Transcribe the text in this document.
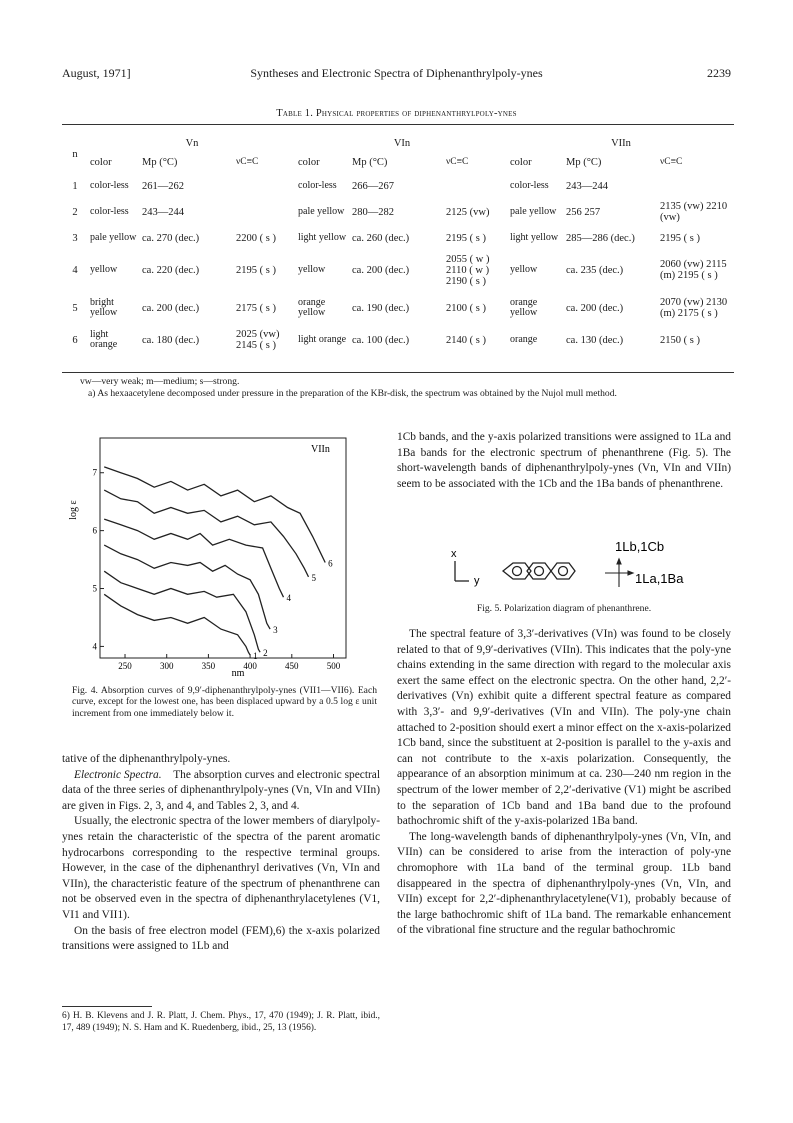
August, 1971]	Syntheses and Electronic Spectra of Diphenanthrylpoly-ynes	2239
Table 1. Physical properties of diphenanthrylpoly-ynes
n	Vn			VIn			VIIn		
	color	Mp (°C)	νC≡C	color	Mp (°C)	νC≡C	color	Mp (°C)	νC≡C
1	color-less	261—262		color-less	266—267		color-less	243—244	
2	color-less	243—244		pale yellow	280—282	2125 (vw)	pale yellow	256 257	2135 (vw) 2210 (vw)
3	pale yellow	ca. 270 (dec.)	2200 ( s )	light yellow	ca. 260 (dec.)	2195 ( s )	light yellow	285—286 (dec.)	2195 ( s )
4	yellow	ca. 220 (dec.)	2195 ( s )	yellow	ca. 200 (dec.)	2055 ( w ) 2110 ( w ) 2190 ( s )	yellow	ca. 235 (dec.)	2060 (vw) 2115 (m) 2195 ( s )
5	bright yellow	ca. 200 (dec.)	2175 ( s )	orange yellow	ca. 190 (dec.)	2100 ( s )	orange yellow	ca. 200 (dec.)	2070 (vw) 2130 (m) 2175 ( s )
6	light orange	ca. 180 (dec.)	2025 (vw) 2145 ( s )	light orange	ca. 100 (dec.)	2140 ( s )	orange	ca. 130 (dec.)	2150 ( s )
vw—very weak; m—medium; s—strong.
a) As hexaacetylene decomposed under pressure in the preparation of the KBr-disk, the spectrum was obtained by the Nujol mull method.
250	300	350	400	450	500
4
5
6
7
1 2
3
4
5
6
VIIn
log ε
nm
Fig. 4. Absorption curves of 9,9′-diphenanthrylpoly-ynes (VII1—VII6). Each curve, except for the lowest one, has been displaced upward by a 0.5 log ε unit increment from one immediately below it.
tative of the diphenanthrylpoly-ynes.
Electronic Spectra. The absorption curves and electronic spectral data of the three series of diphenanthrylpoly-ynes (Vn, VIn and VIIn) are given in Figs. 2, 3, and 4, and Tables 2, 3, and 4.
Usually, the electronic spectra of the lower members of diarylpoly-ynes retain the characteristic of the spectra of the parent aromatic hydrocarbons corresponding to the respective terminal groups. However, in the case of the diphenanthryl derivatives (Vn, VIn and VIIn), the characteristic feature of the spectrum of phenanthrene can not be observed even in the spectra of diphenanthrylacetylenes (V1, VI1 and VII1).
On the basis of free electron model (FEM),6) the x-axis polarized transitions were assigned to 1Lb and
6) H. B. Klevens and J. R. Platt, J. Chem. Phys., 17, 470 (1949); J. R. Platt, ibid., 17, 489 (1949); N. S. Ham and K. Ruedenberg, ibid., 25, 13 (1956).
1Cb bands, and the y-axis polarized transitions were assigned to 1La and 1Ba bands for the electronic spectrum of phenanthrene (Fig. 5). The short-wavelength bands of diphenanthrylpoly-ynes (Vn, VIn and VIIn) seem to be associated with the 1Cb and the 1Ba bands of phenanthrene.
x
y
1Lb,1Cb
1La,1Ba
Fig. 5. Polarization diagram of phenanthrene.
The spectral feature of 3,3′-derivatives (VIn) was found to be closely related to that of 9,9′-derivatives (VIIn). This indicates that the poly-yne chains extending in the same direction with regard to the molecular axis exert the same effect on the electronic spectra. On the other hand, 2,2′-derivatives (Vn) exhibit quite a different spectral feature as compared with 3,3′- and 9,9′-derivatives (VIn and VIIn). The poly-yne chain attached to 2-position should exert a minor effect on the x-axis-polarized 1Cb band, since the substituent at 2-position is parallel to the y-axis and can not contribute to the x-axis polarization. Consequently, the appearance of an absorption minimum at ca. 230—240 nm region in the spectrum of the lower member of 2,2′-derivative (V1) might be ascribed to the separation of 1Cb band and 1Ba band due to the profound bathochromic shift of the y-axis-polarized 1Ba band.
The long-wavelength bands of diphenanthrylpoly-ynes (Vn, VIn, and VIIn) can be considered to arise from the interaction of poly-yne chromophore with 1La band of the terminal group. 1Lb band disappeared in the spectra of diphenanthrylpoly-ynes (Vn, VIn, and VIIn) except for 2,2′-diphenanthrylacetylene(V1), probably because of the large bathochromic shift of 1La band. The remarkable enhancement of the vibrational fine structure and the regular bathochromic
